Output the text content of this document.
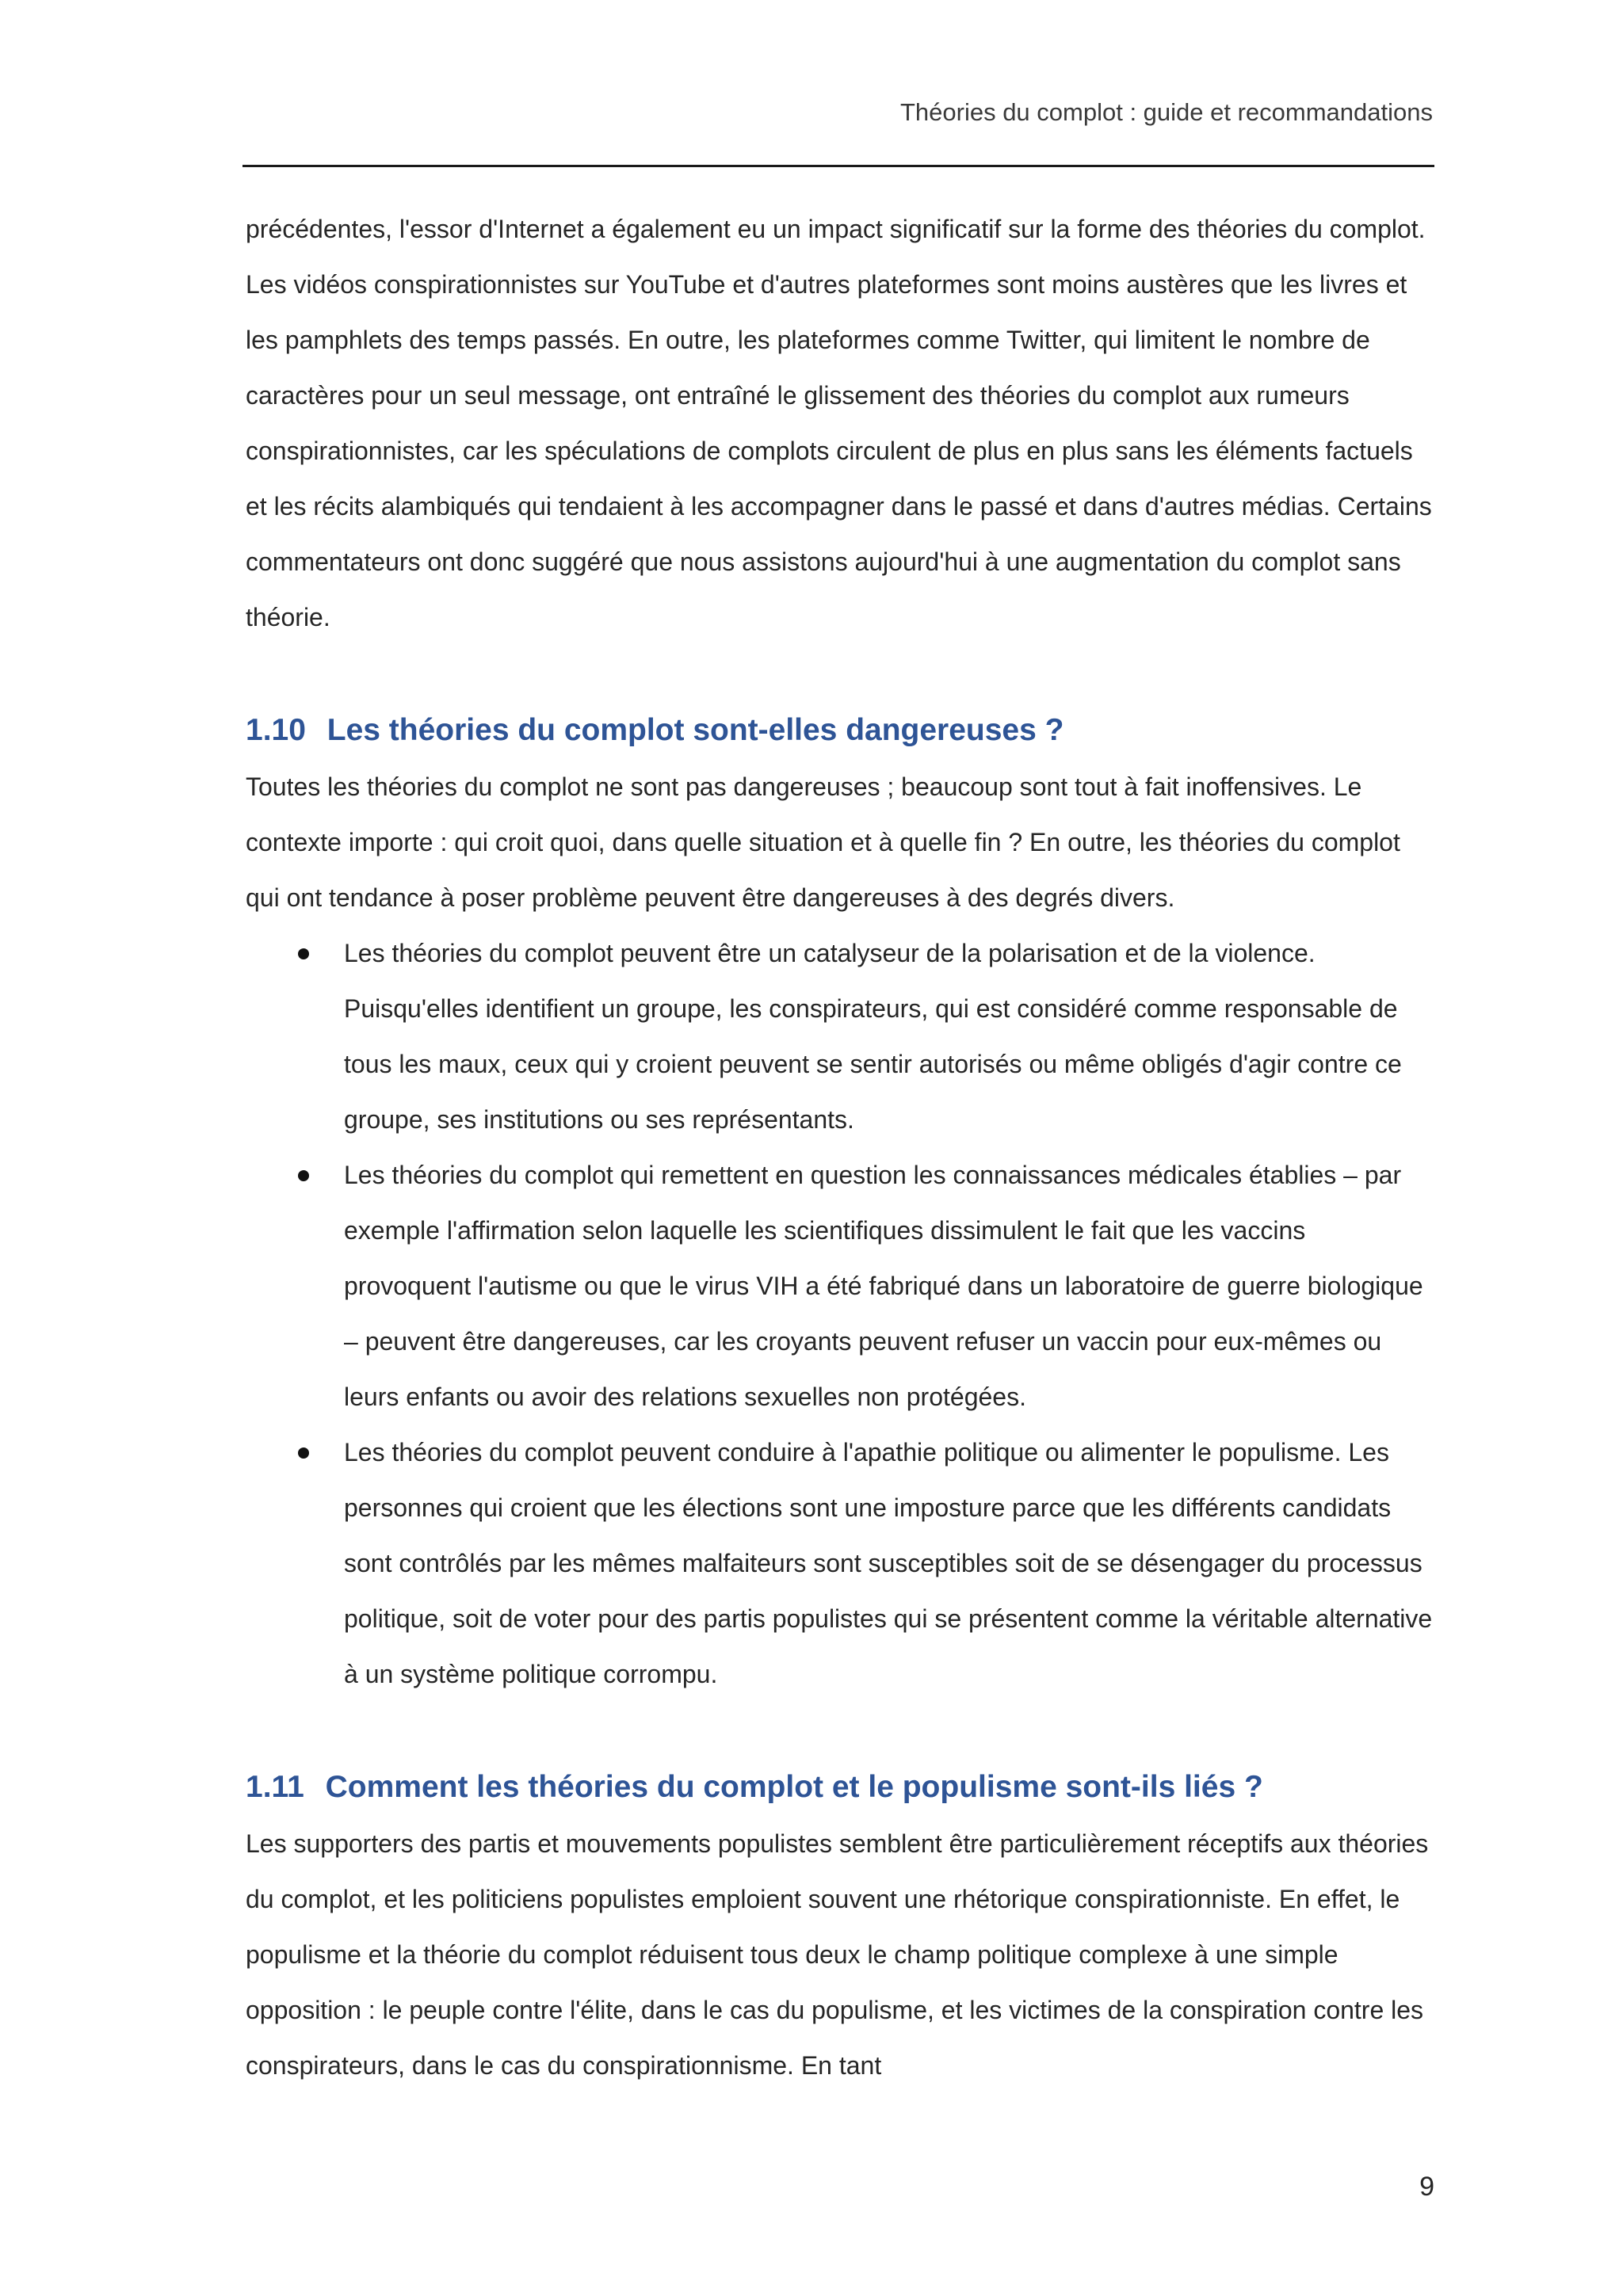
Théories du complot : guide et recommandations

précédentes, l'essor d'Internet a également eu un impact significatif sur la forme des théories du complot. Les vidéos conspirationnistes sur YouTube et d'autres plateformes sont moins austères que les livres et les pamphlets des temps passés. En outre, les plateformes comme Twitter, qui limitent le nombre de caractères pour un seul message, ont entraîné le glissement des théories du complot aux rumeurs conspirationnistes, car les spéculations de complots circulent de plus en plus sans les éléments factuels et les récits alambiqués qui tendaient à les accompagner dans le passé et dans d'autres médias. Certains commentateurs ont donc suggéré que nous assistons aujourd'hui à une augmentation du complot sans théorie.

1.10 Les théories du complot sont-elles dangereuses ?

Toutes les théories du complot ne sont pas dangereuses ; beaucoup sont tout à fait inoffensives. Le contexte importe : qui croit quoi, dans quelle situation et à quelle fin ? En outre, les théories du complot qui ont tendance à poser problème peuvent être dangereuses à des degrés divers.

Les théories du complot peuvent être un catalyseur de la polarisation et de la violence. Puisqu'elles identifient un groupe, les conspirateurs, qui est considéré comme responsable de tous les maux, ceux qui y croient peuvent se sentir autorisés ou même obligés d'agir contre ce groupe, ses institutions ou ses représentants.
Les théories du complot qui remettent en question les connaissances médicales établies – par exemple l'affirmation selon laquelle les scientifiques dissimulent le fait que les vaccins provoquent l'autisme ou que le virus VIH a été fabriqué dans un laboratoire de guerre biologique – peuvent être dangereuses, car les croyants peuvent refuser un vaccin pour eux-mêmes ou leurs enfants ou avoir des relations sexuelles non protégées.
Les théories du complot peuvent conduire à l'apathie politique ou alimenter le populisme. Les personnes qui croient que les élections sont une imposture parce que les différents candidats sont contrôlés par les mêmes malfaiteurs sont susceptibles soit de se désengager du processus politique, soit de voter pour des partis populistes qui se présentent comme la véritable alternative à un système politique corrompu.
1.11 Comment les théories du complot et le populisme sont-ils liés ?

Les supporters des partis et mouvements populistes semblent être particulièrement réceptifs aux théories du complot, et les politiciens populistes emploient souvent une rhétorique conspirationniste. En effet, le populisme et la théorie du complot réduisent tous deux le champ politique complexe à une simple opposition : le peuple contre l'élite, dans le cas du populisme, et les victimes de la conspiration contre les conspirateurs, dans le cas du conspirationnisme. En tant

9
